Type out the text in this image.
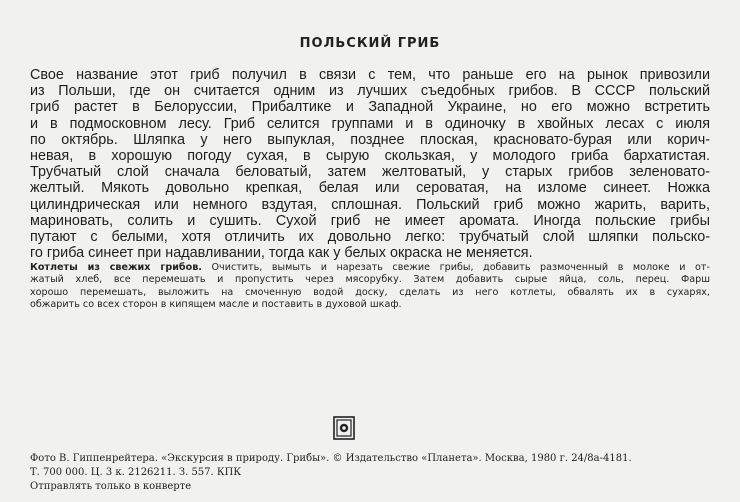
ПОЛЬСКИЙ ГРИБ
Свое название этот гриб получил в связи с тем, что раньше его на рынок привозили
из Польши, где он считается одним из лучших съедобных грибов. В СССР польский
гриб растет в Белоруссии, Прибалтике и Западной Украине, но его можно встретить
и в подмосковном лесу. Гриб селится группами и в одиночку в хвойных лесах с июля
по октябрь. Шляпка у него выпуклая, позднее плоская, красновато-бурая или корич-
невая, в хорошую погоду сухая, в сырую скользкая, у молодого гриба бархатистая.
Трубчатый слой сначала беловатый, затем желтоватый, у старых грибов зеленовато-
желтый. Мякоть довольно крепкая, белая или сероватая, на изломе синеет. Ножка
цилиндрическая или немного вздутая, сплошная. Польский гриб можно жарить, варить,
мариновать, солить и сушить. Сухой гриб не имеет аромата. Иногда польские грибы
путают с белыми, хотя отличить их довольно легко: трубчатый слой шляпки польско-
го гриба синеет при надавливании, тогда как у белых окраска не меняется.
Котлеты из свежих грибов. Очистить, вымыть и нарезать свежие грибы, добавить размоченный в молоке и от-
жатый хлеб, все перемешать и пропустить через мясорубку. Затем добавить сырые яйца, соль, перец. Фарш
хорошо перемешать, выложить на смоченную водой доску, сделать из него котлеты, обвалять их в сухарях,
обжарить со всех сторон в кипящем масле и поставить в духовой шкаф.
Фото В. Гиппенрейтера. «Экскурсия в природу. Грибы». © Издательство «Планета». Москва, 1980 г. 24/8а-4181.
Т. 700 000. Ц. 3 к. 2126211. З. 557. КПК
Отправлять только в конверте
